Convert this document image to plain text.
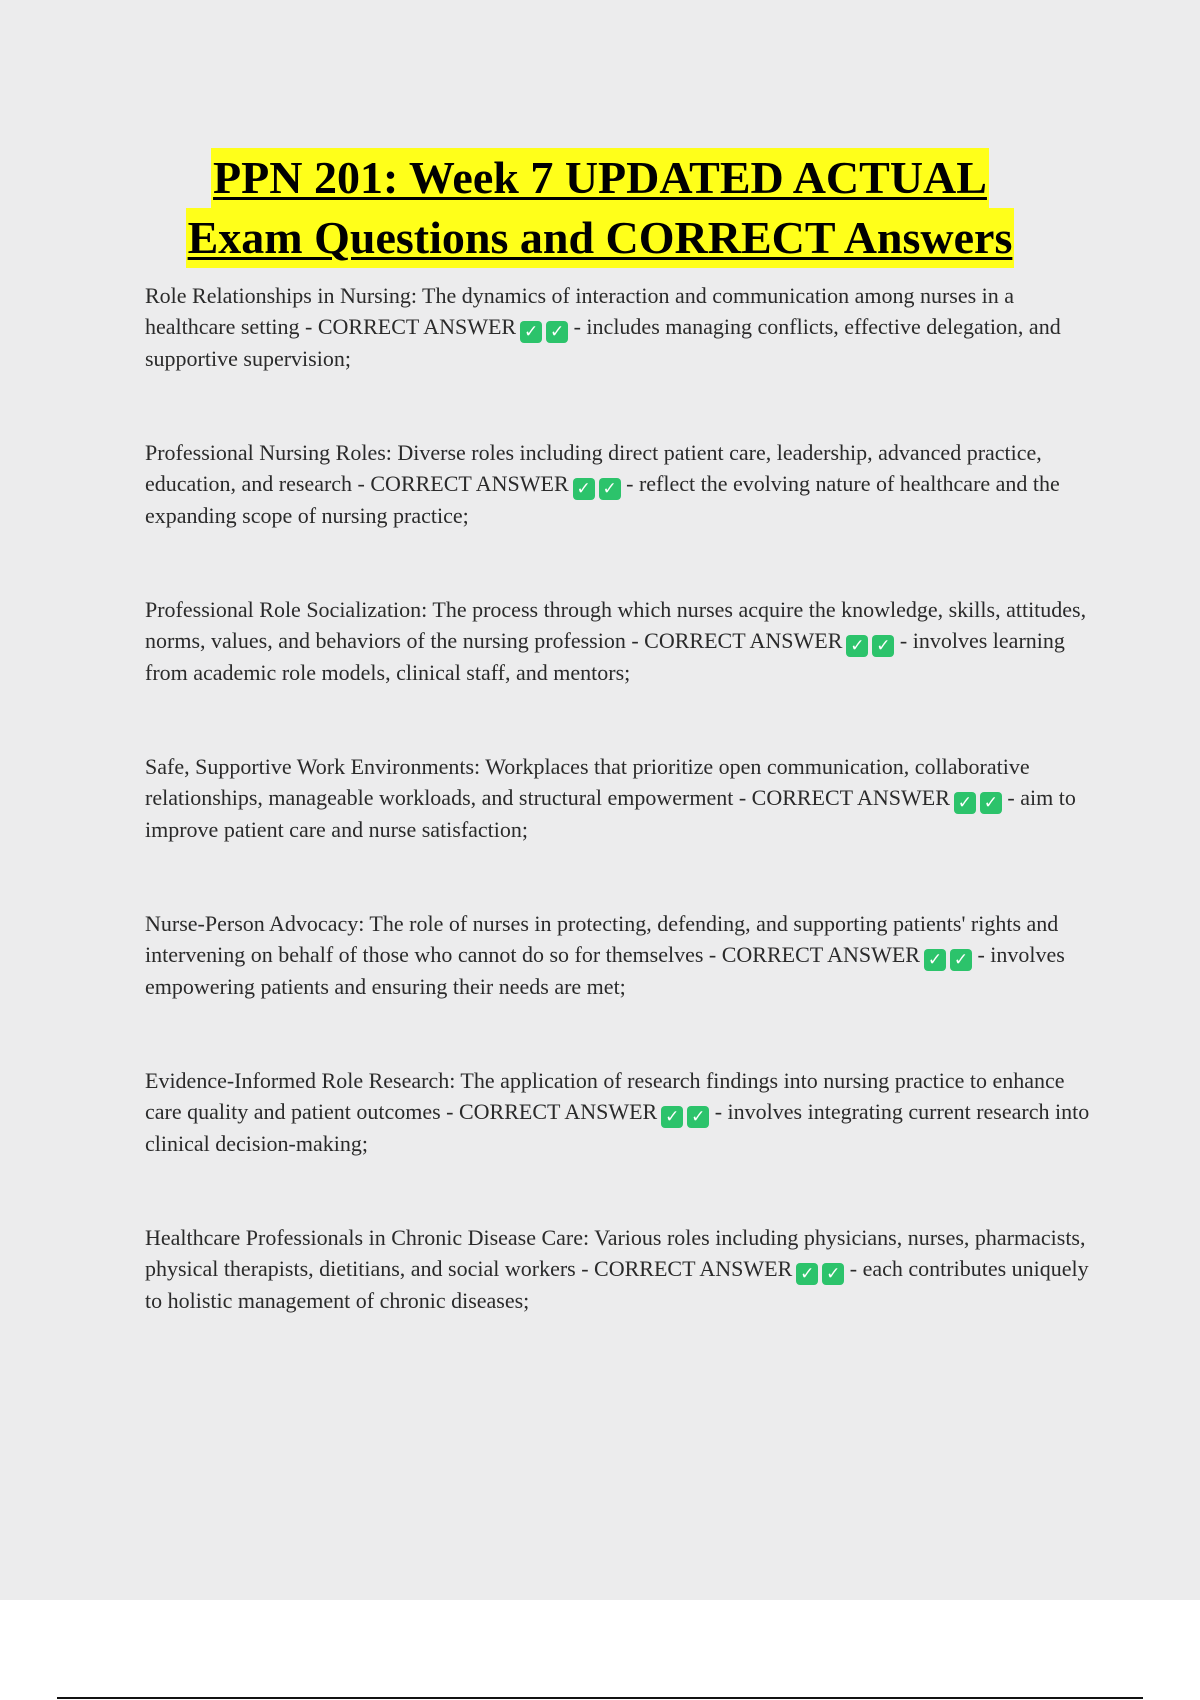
PPN 201: Week 7 UPDATED ACTUAL
Exam Questions and CORRECT Answers

Role Relationships in Nursing: The dynamics of interaction and communication among nurses in a healthcare setting - CORRECT ANSWER ✓ ✓ - includes managing conflicts, effective delegation, and supportive supervision;

Professional Nursing Roles: Diverse roles including direct patient care, leadership, advanced practice, education, and research - CORRECT ANSWER ✓ ✓ - reflect the evolving nature of healthcare and the expanding scope of nursing practice;

Professional Role Socialization: The process through which nurses acquire the knowledge, skills, attitudes, norms, values, and behaviors of the nursing profession - CORRECT ANSWER ✓ ✓ - involves learning from academic role models, clinical staff, and mentors;

Safe, Supportive Work Environments: Workplaces that prioritize open communication, collaborative relationships, manageable workloads, and structural empowerment - CORRECT ANSWER ✓ ✓ - aim to improve patient care and nurse satisfaction;

Nurse-Person Advocacy: The role of nurses in protecting, defending, and supporting patients' rights and intervening on behalf of those who cannot do so for themselves - CORRECT ANSWER ✓ ✓ - involves empowering patients and ensuring their needs are met;

Evidence-Informed Role Research: The application of research findings into nursing practice to enhance care quality and patient outcomes - CORRECT ANSWER ✓ ✓ - involves integrating current research into clinical decision-making;

Healthcare Professionals in Chronic Disease Care: Various roles including physicians, nurses, pharmacists, physical therapists, dietitians, and social workers - CORRECT ANSWER ✓ ✓ - each contributes uniquely to holistic management of chronic diseases;
